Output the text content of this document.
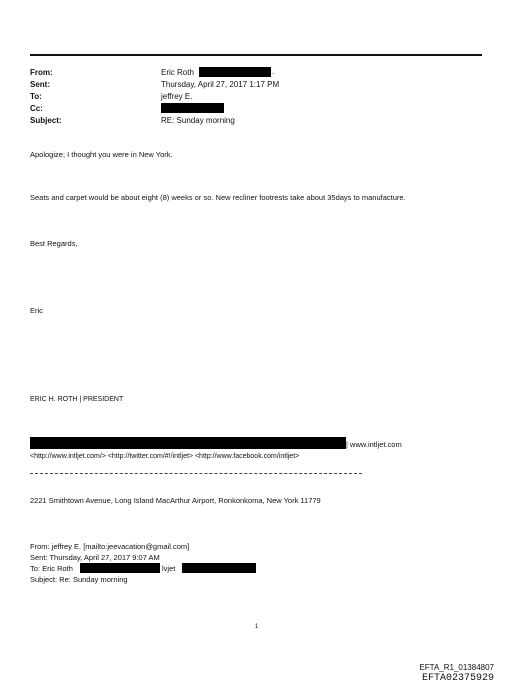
From:
Sent:
To:
Cc:
Subject:
Eric Roth	.
Thursday, April 27, 2017 1:17 PM
jeffrey E.
RE: Sunday morning
Apologize; I thought you were in New York.
Seats and carpet would be about eight (8) weeks or so. New recliner footrests take about 35days to manufacture.
Best Regards,
Eric
ERIC H. ROTH | PRESIDENT
| www.intljet.com
<http://www.intljet.com/> <http://twitter.com/#!/intljet> <http://www.facebook.com/intljet>
2221 Smithtown Avenue, Long Island MacArthur Airport, Ronkonkoma, New York 11779
From: jeffrey E. [mailto:jeevacation@gmail.com]
Sent: Thursday, April 27, 2017 9:07 AM
To: Eric Roth	lvjet
Subject: Re: Sunday morning
1
EFTA_R1_01384807
EFTA02375929
